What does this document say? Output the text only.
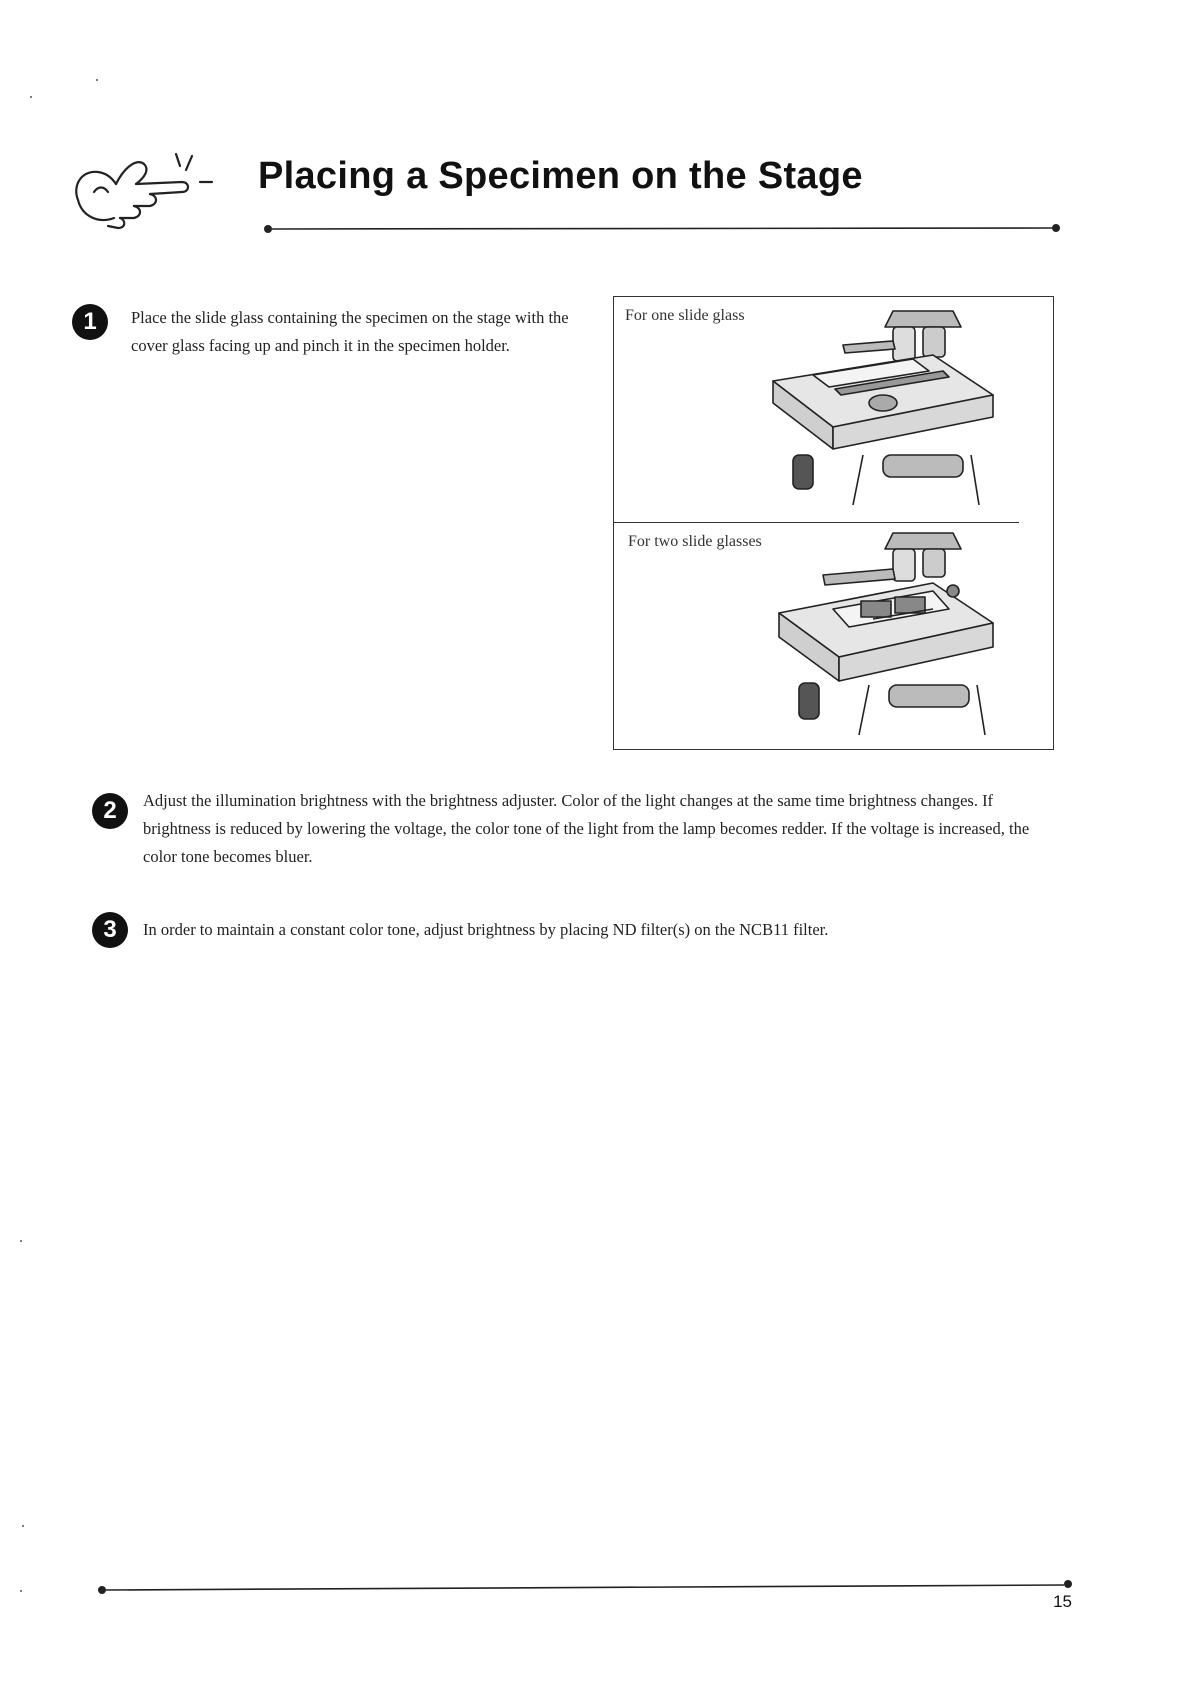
Placing a Specimen on the Stage
1	Place the slide glass containing the specimen on the stage with the cover glass facing up and pinch it in the specimen holder.

For one slide glass
For two slide glasses
2	Adjust the illumination brightness with the brightness adjuster. Color of the light changes at the same time brightness changes. If brightness is reduced by lowering the voltage, the color tone of the light from the lamp becomes redder. If the voltage is increased, the color tone becomes bluer.

3	In order to maintain a constant color tone, adjust brightness by placing ND filter(s) on the NCB11 filter.

15
